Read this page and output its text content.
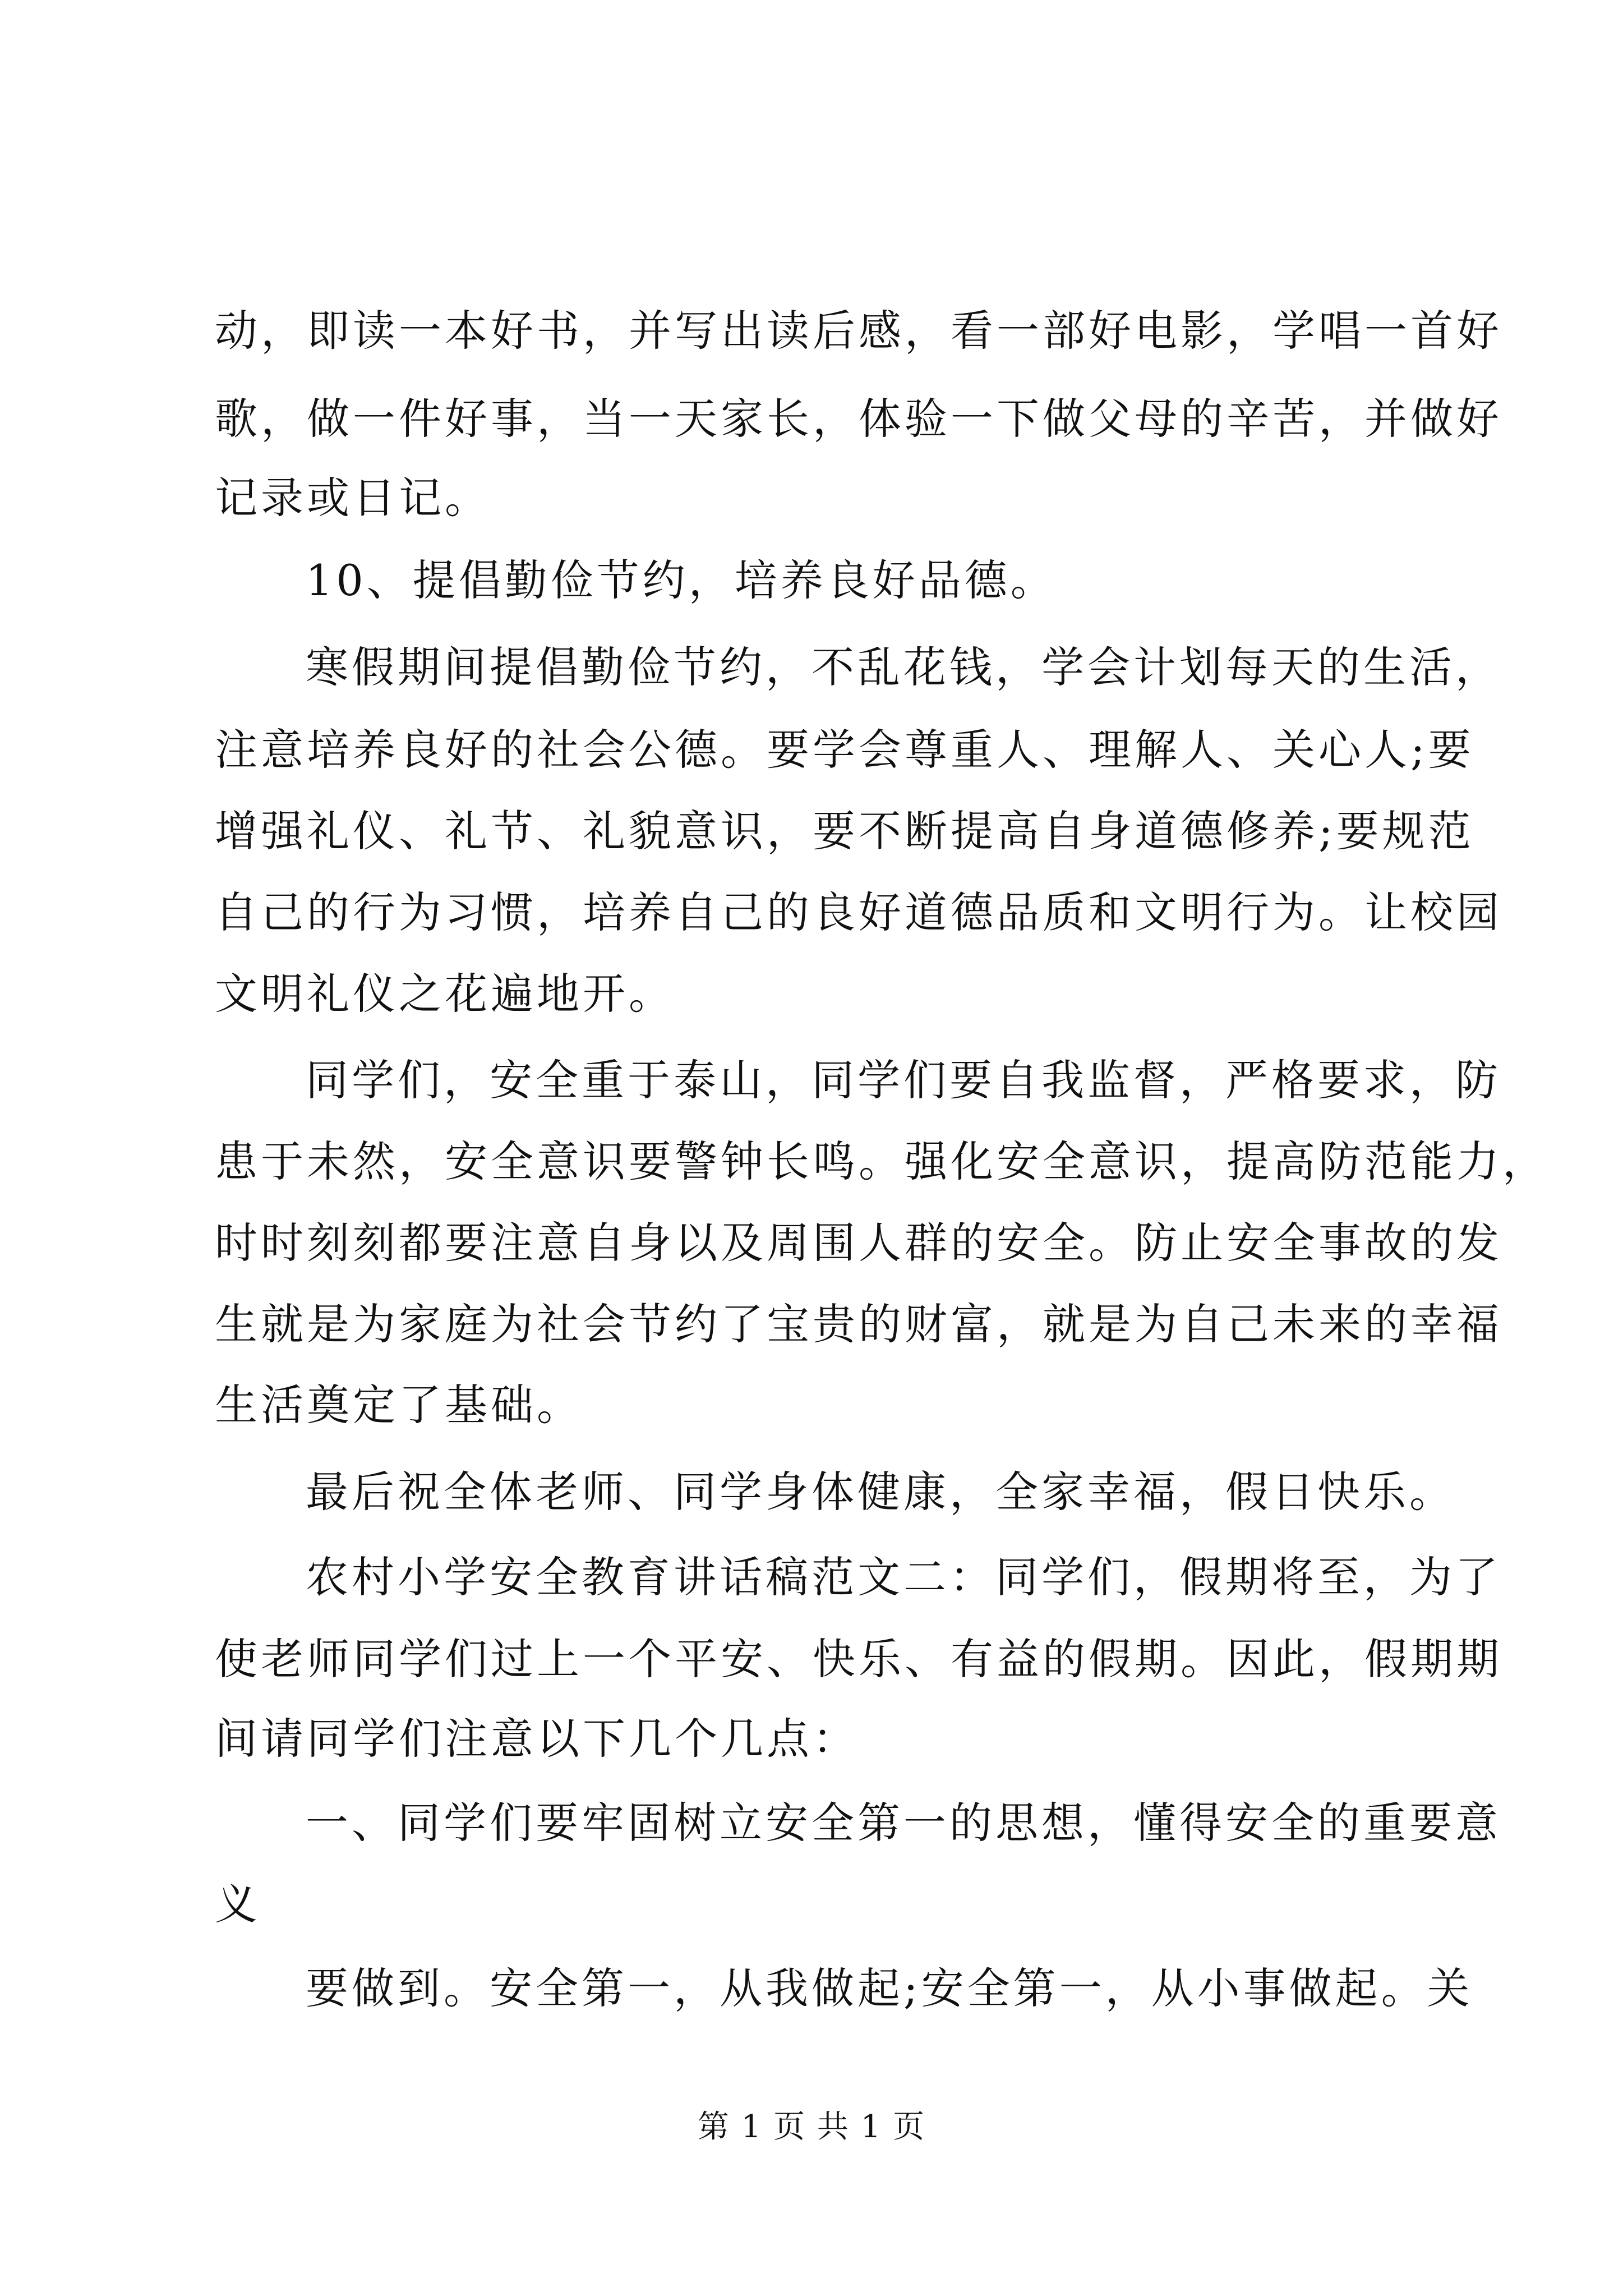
动，即读一本好书，并写出读后感，看一部好电影，学唱一首好
歌，做一件好事，当一天家长，体验一下做父母的辛苦，并做好
记录或日记。
10、提倡勤俭节约，培养良好品德。
寒假期间提倡勤俭节约，不乱花钱，学会计划每天的生活，
注意培养良好的社会公德。要学会尊重人、理解人、关心人;要
增强礼仪、礼节、礼貌意识，要不断提高自身道德修养;要规范
自己的行为习惯，培养自己的良好道德品质和文明行为。让校园
文明礼仪之花遍地开。
同学们，安全重于泰山，同学们要自我监督，严格要求，防
患于未然，安全意识要警钟长鸣。强化安全意识，提高防范能力，
时时刻刻都要注意自身以及周围人群的安全。防止安全事故的发
生就是为家庭为社会节约了宝贵的财富，就是为自己未来的幸福
生活奠定了基础。
最后祝全体老师、同学身体健康，全家幸福，假日快乐。
农村小学安全教育讲话稿范文二：同学们，假期将至，为了
使老师同学们过上一个平安、快乐、有益的假期。因此，假期期
间请同学们注意以下几个几点：
一、同学们要牢固树立安全第一的思想，懂得安全的重要意
义
要做到。安全第一，从我做起;安全第一，从小事做起。关
第 1 页 共 1 页
